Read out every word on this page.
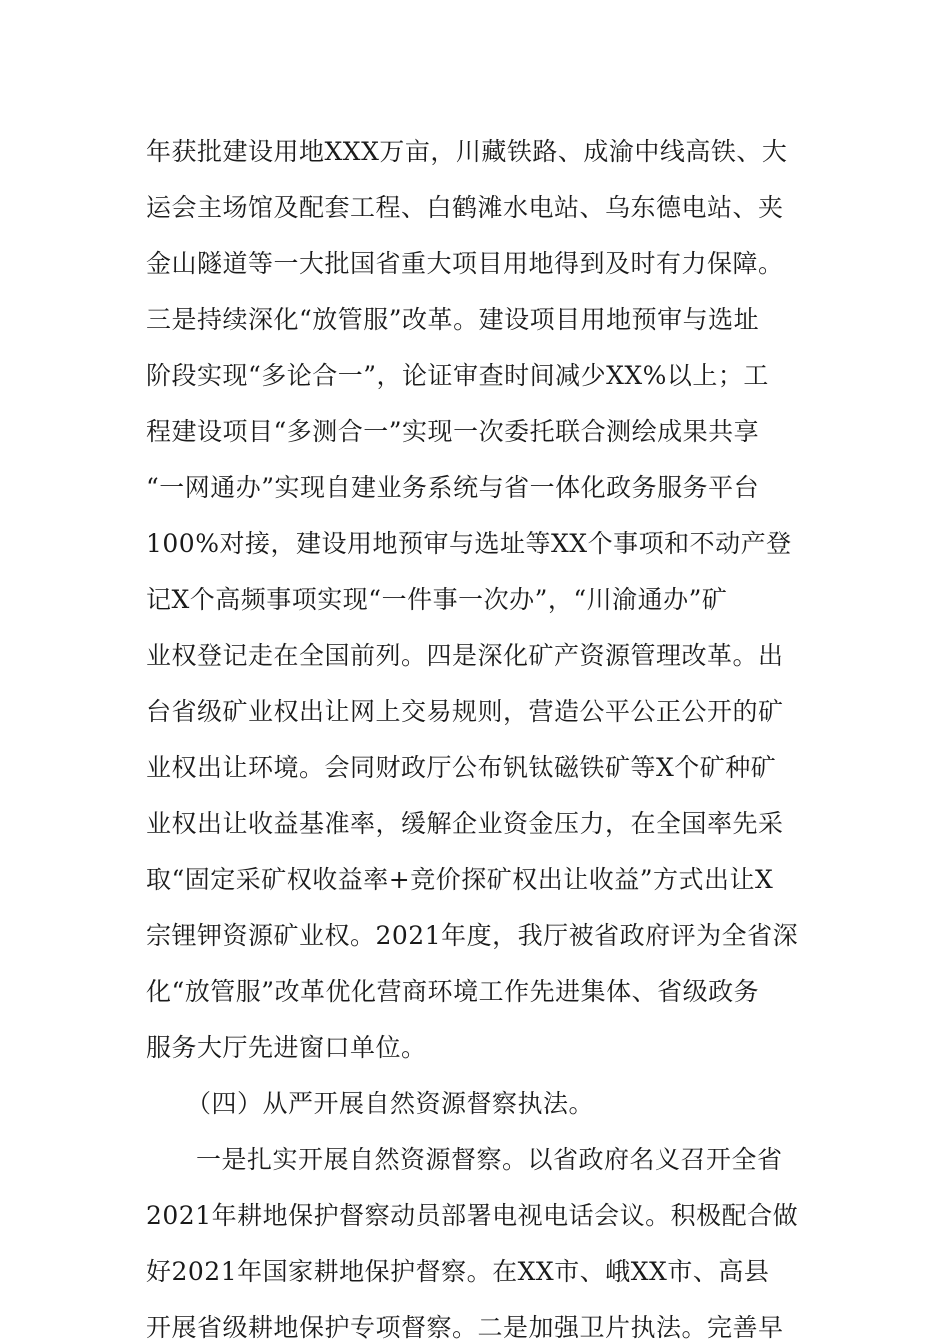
年获批建设用地XXX万亩，川藏铁路、成渝中线高铁、大
运会主场馆及配套工程、白鹤滩水电站、乌东德电站、夹
金山隧道等一大批国省重大项目用地得到及时有力保障。
三是持续深化“放管服”改革。建设项目用地预审与选址
阶段实现“多论合一”，论证审查时间减少XX%以上；工
程建设项目“多测合一”实现一次委托联合测绘成果共享
“一网通办”实现自建业务系统与省一体化政务服务平台
100%对接，建设用地预审与选址等XX个事项和不动产登
记X个高频事项实现“一件事一次办”，“川渝通办”矿
业权登记走在全国前列。四是深化矿产资源管理改革。出
台省级矿业权出让网上交易规则，营造公平公正公开的矿
业权出让环境。会同财政厅公布钒钛磁铁矿等X个矿种矿
业权出让收益基准率，缓解企业资金压力，在全国率先采
取“固定采矿权收益率+竞价探矿权出让收益”方式出让X
宗锂钾资源矿业权。2021年度，我厅被省政府评为全省深
化“放管服”改革优化营商环境工作先进集体、省级政务
服务大厅先进窗口单位。
（四）从严开展自然资源督察执法。
一是扎实开展自然资源督察。以省政府名义召开全省
2021年耕地保护督察动员部署电视电话会议。积极配合做
好2021年国家耕地保护督察。在XX市、峨XX市、高县
开展省级耕地保护专项督察。二是加强卫片执法。完善早
